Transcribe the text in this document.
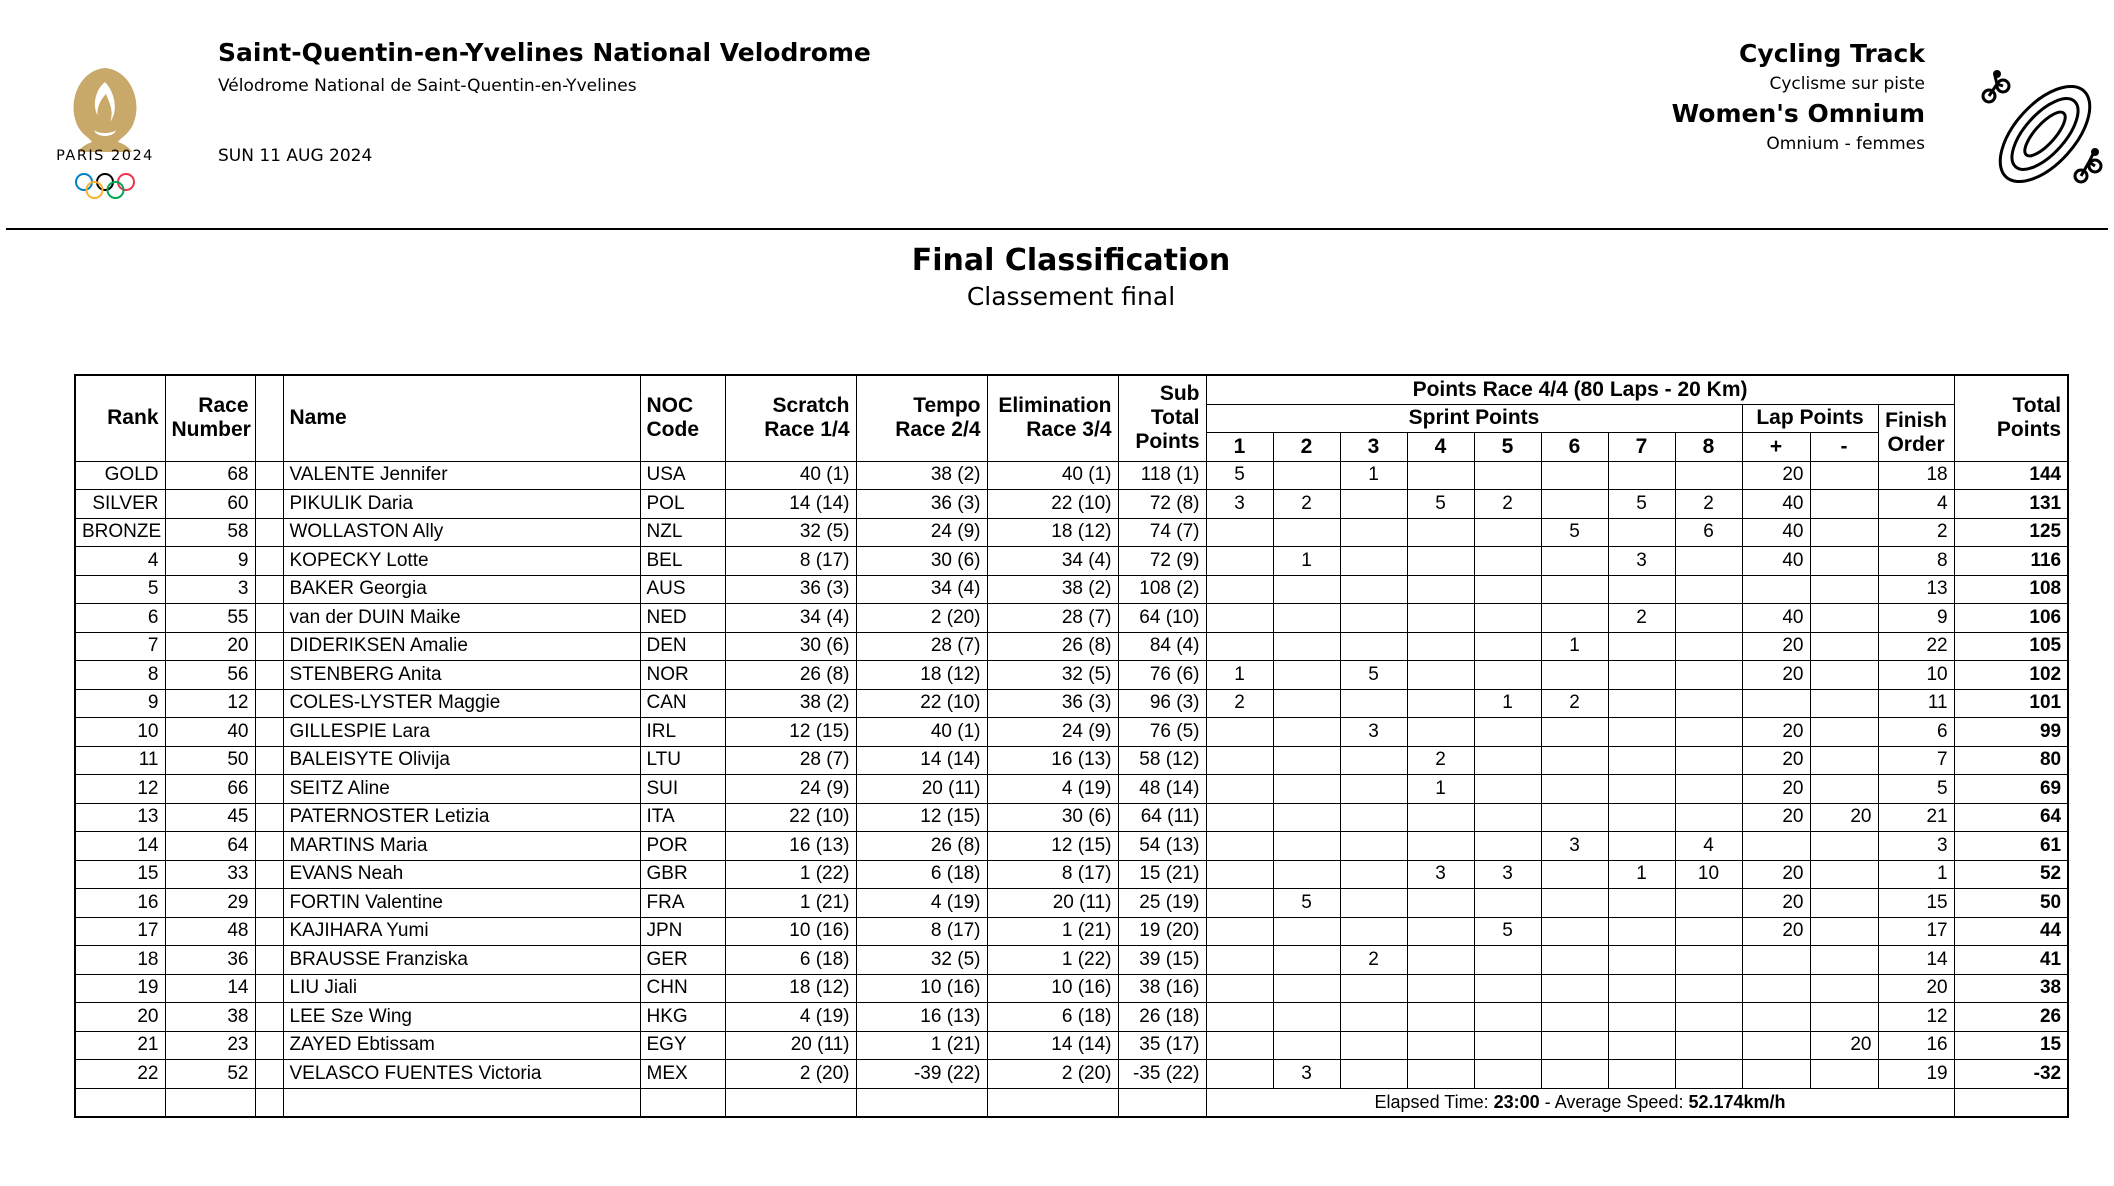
PARIS 2024
Saint-Quentin-en-Yvelines National Velodrome
Vélodrome National de Saint-Quentin-en-Yvelines
SUN 11 AUG 2024
Cycling Track
Cyclisme sur piste
Women's Omnium
Omnium - femmes
Final Classification
Classement final
Rank	Race Number		Name	NOC Code	Scratch Race 1/4	Tempo Race 2/4	Elimination Race 3/4	Sub Total Points	Points Race 4/4 (80 Laps - 20 Km)											Total Points
									Sprint Points								Lap Points		Finish Order	
									1	2	3	4	5	6	7	8	+	-		
GOLD	68		VALENTE Jennifer	USA	40 (1)	38 (2)	40 (1)	118 (1)	5		1						20		18	144
SILVER	60		PIKULIK Daria	POL	14 (14)	36 (3)	22 (10)	72 (8)	3	2		5	2		5	2	40		4	131
BRONZE	58		WOLLASTON Ally	NZL	32 (5)	24 (9)	18 (12)	74 (7)						5		6	40		2	125
4	9		KOPECKY Lotte	BEL	8 (17)	30 (6)	34 (4)	72 (9)		1					3		40		8	116
5	3		BAKER Georgia	AUS	36 (3)	34 (4)	38 (2)	108 (2)											13	108
6	55		van der DUIN Maike	NED	34 (4)	2 (20)	28 (7)	64 (10)							2		40		9	106
7	20		DIDERIKSEN Amalie	DEN	30 (6)	28 (7)	26 (8)	84 (4)						1			20		22	105
8	56		STENBERG Anita	NOR	26 (8)	18 (12)	32 (5)	76 (6)	1		5						20		10	102
9	12		COLES-LYSTER Maggie	CAN	38 (2)	22 (10)	36 (3)	96 (3)	2				1	2					11	101
10	40		GILLESPIE Lara	IRL	12 (15)	40 (1)	24 (9)	76 (5)			3						20		6	99
11	50		BALEISYTE Olivija	LTU	28 (7)	14 (14)	16 (13)	58 (12)				2					20		7	80
12	66		SEITZ Aline	SUI	24 (9)	20 (11)	4 (19)	48 (14)				1					20		5	69
13	45		PATERNOSTER Letizia	ITA	22 (10)	12 (15)	30 (6)	64 (11)									20	20	21	64
14	64		MARTINS Maria	POR	16 (13)	26 (8)	12 (15)	54 (13)						3		4			3	61
15	33		EVANS Neah	GBR	1 (22)	6 (18)	8 (17)	15 (21)				3	3		1	10	20		1	52
16	29		FORTIN Valentine	FRA	1 (21)	4 (19)	20 (11)	25 (19)		5							20		15	50
17	48		KAJIHARA Yumi	JPN	10 (16)	8 (17)	1 (21)	19 (20)					5				20		17	44
18	36		BRAUSSE Franziska	GER	6 (18)	32 (5)	1 (22)	39 (15)			2								14	41
19	14		LIU Jiali	CHN	18 (12)	10 (16)	10 (16)	38 (16)											20	38
20	38		LEE Sze Wing	HKG	4 (19)	16 (13)	6 (18)	26 (18)											12	26
21	23		ZAYED Ebtissam	EGY	20 (11)	1 (21)	14 (14)	35 (17)										20	16	15
22	52		VELASCO FUENTES Victoria	MEX	2 (20)	-39 (22)	2 (20)	-35 (22)		3									19	-32
									Elapsed Time: 23:00 - Average Speed: 52.174km/h											
